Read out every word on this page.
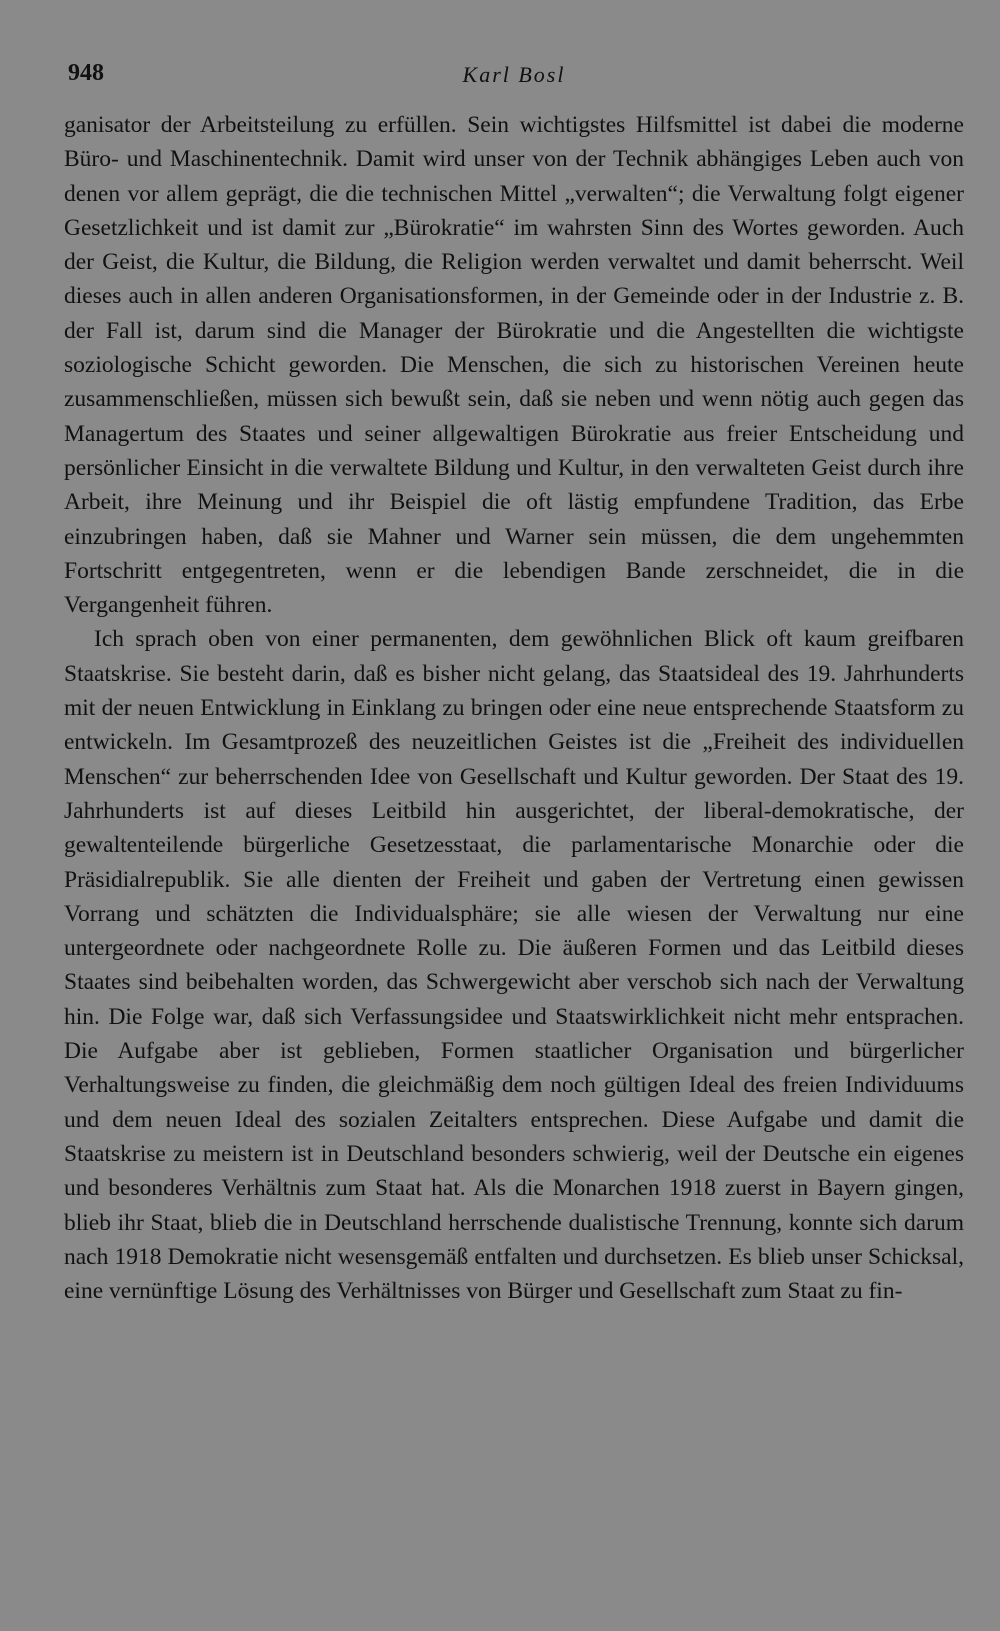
948	Karl Bosl

ganisator der Arbeitsteilung zu erfüllen. Sein wichtigstes Hilfsmittel ist dabei die moderne Büro- und Maschinentechnik. Damit wird unser von der Technik abhängiges Leben auch von denen vor allem geprägt, die die technischen Mittel „verwalten“; die Verwaltung folgt eigener Gesetzlichkeit und ist damit zur „Bürokratie“ im wahrsten Sinn des Wortes geworden. Auch der Geist, die Kultur, die Bildung, die Religion werden verwaltet und damit beherrscht. Weil dieses auch in allen anderen Organisationsformen, in der Gemeinde oder in der Industrie z. B. der Fall ist, darum sind die Manager der Bürokratie und die Angestellten die wichtigste soziologische Schicht geworden. Die Menschen, die sich zu historischen Vereinen heute zusammenschließen, müssen sich bewußt sein, daß sie neben und wenn nötig auch gegen das Managertum des Staates und seiner allgewaltigen Bürokratie aus freier Entscheidung und persönlicher Einsicht in die verwaltete Bildung und Kultur, in den verwalteten Geist durch ihre Arbeit, ihre Meinung und ihr Beispiel die oft lästig empfundene Tradition, das Erbe einzubringen haben, daß sie Mahner und Warner sein müssen, die dem ungehemmten Fortschritt entgegentreten, wenn er die lebendigen Bande zerschneidet, die in die Vergangenheit führen.

Ich sprach oben von einer permanenten, dem gewöhnlichen Blick oft kaum greifbaren Staatskrise. Sie besteht darin, daß es bisher nicht gelang, das Staatsideal des 19. Jahrhunderts mit der neuen Entwicklung in Einklang zu bringen oder eine neue entsprechende Staatsform zu entwickeln. Im Gesamtprozeß des neuzeitlichen Geistes ist die „Freiheit des individuellen Menschen“ zur beherrschenden Idee von Gesellschaft und Kultur geworden. Der Staat des 19. Jahrhunderts ist auf dieses Leitbild hin ausgerichtet, der liberal-demokratische, der gewaltenteilende bürgerliche Gesetzesstaat, die parlamentarische Monarchie oder die Präsidialrepublik. Sie alle dienten der Freiheit und gaben der Vertretung einen gewissen Vorrang und schätzten die Individualsphäre; sie alle wiesen der Verwaltung nur eine untergeordnete oder nachgeordnete Rolle zu. Die äußeren Formen und das Leitbild dieses Staates sind beibehalten worden, das Schwergewicht aber verschob sich nach der Verwaltung hin. Die Folge war, daß sich Verfassungsidee und Staatswirklichkeit nicht mehr entsprachen. Die Aufgabe aber ist geblieben, Formen staatlicher Organisation und bürgerlicher Verhaltungsweise zu finden, die gleichmäßig dem noch gültigen Ideal des freien Individuums und dem neuen Ideal des sozialen Zeitalters entsprechen. Diese Aufgabe und damit die Staatskrise zu meistern ist in Deutschland besonders schwierig, weil der Deutsche ein eigenes und besonderes Verhältnis zum Staat hat. Als die Monarchen 1918 zuerst in Bayern gingen, blieb ihr Staat, blieb die in Deutschland herrschende dualistische Trennung, konnte sich darum nach 1918 Demokratie nicht wesensgemäß entfalten und durchsetzen. Es blieb unser Schicksal, eine vernünftige Lösung des Verhältnisses von Bürger und Gesellschaft zum Staat zu fin-
